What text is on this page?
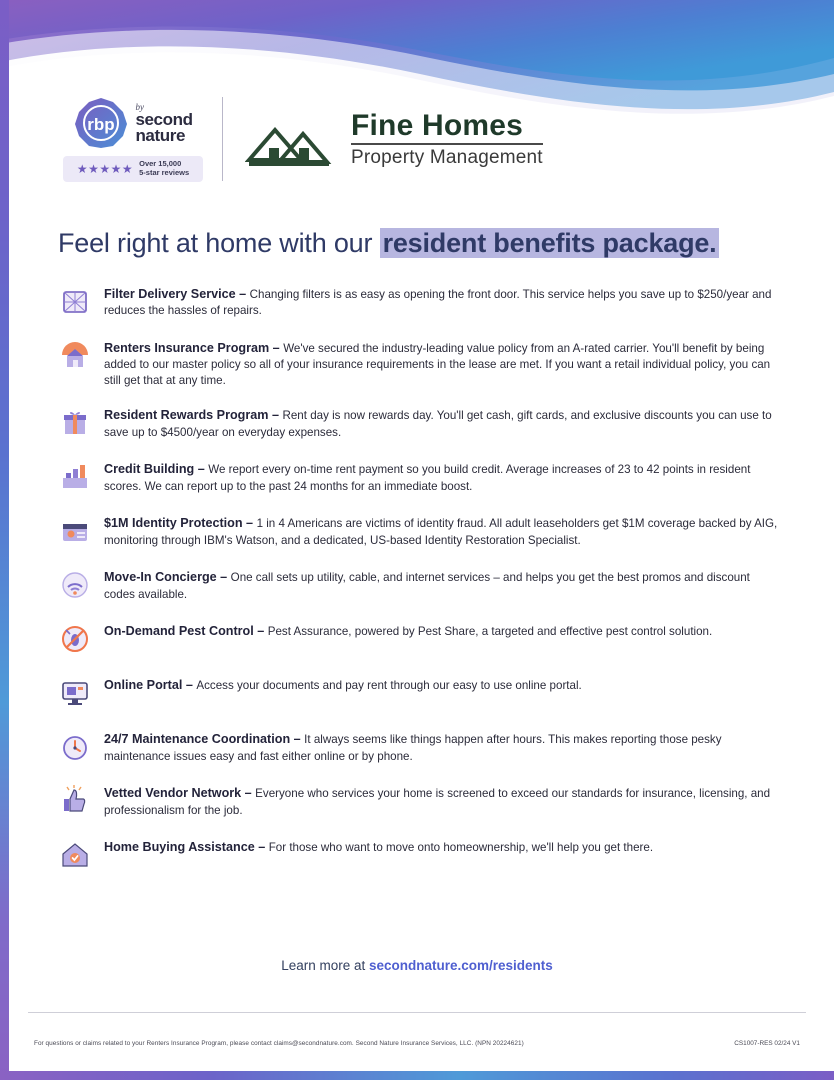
rbp
by
second
nature
★★★★★ Over 15,000
5-star reviews
Fine Homes
Property Management
Feel right at home with our resident benefits package.
Filter Delivery Service – Changing filters is as easy as opening the front door. This service helps you save up to $250/year and reduces the hassles of repairs.
Renters Insurance Program – We've secured the industry-leading value policy from an A-rated carrier. You'll benefit by being added to our master policy so all of your insurance requirements in the lease are met. If you want a retail individual policy, you can still get that at any time.
Resident Rewards Program – Rent day is now rewards day. You'll get cash, gift cards, and exclusive discounts you can use to save up to $4500/year on everyday expenses.
Credit Building – We report every on-time rent payment so you build credit. Average increases of 23 to 42 points in resident scores. We can report up to the past 24 months for an immediate boost.
$1M Identity Protection – 1 in 4 Americans are victims of identity fraud. All adult leaseholders get $1M coverage backed by AIG, monitoring through IBM's Watson, and a dedicated, US-based Identity Restoration Specialist.
Move-In Concierge – One call sets up utility, cable, and internet services – and helps you get the best promos and discount codes available.
On-Demand Pest Control – Pest Assurance, powered by Pest Share, a targeted and effective pest control solution.
Online Portal – Access your documents and pay rent through our easy to use online portal.
24/7 Maintenance Coordination – It always seems like things happen after hours. This makes reporting those pesky maintenance issues easy and fast either online or by phone.
Vetted Vendor Network – Everyone who services your home is screened to exceed our standards for insurance, licensing, and professionalism for the job.
Home Buying Assistance – For those who want to move onto homeownership, we'll help you get there.
Learn more at secondnature.com/residents
For questions or claims related to your Renters Insurance Program, please contact claims@secondnature.com. Second Nature Insurance Services, LLC. (NPN 20224621)	CS1007-RES 02/24 V1
